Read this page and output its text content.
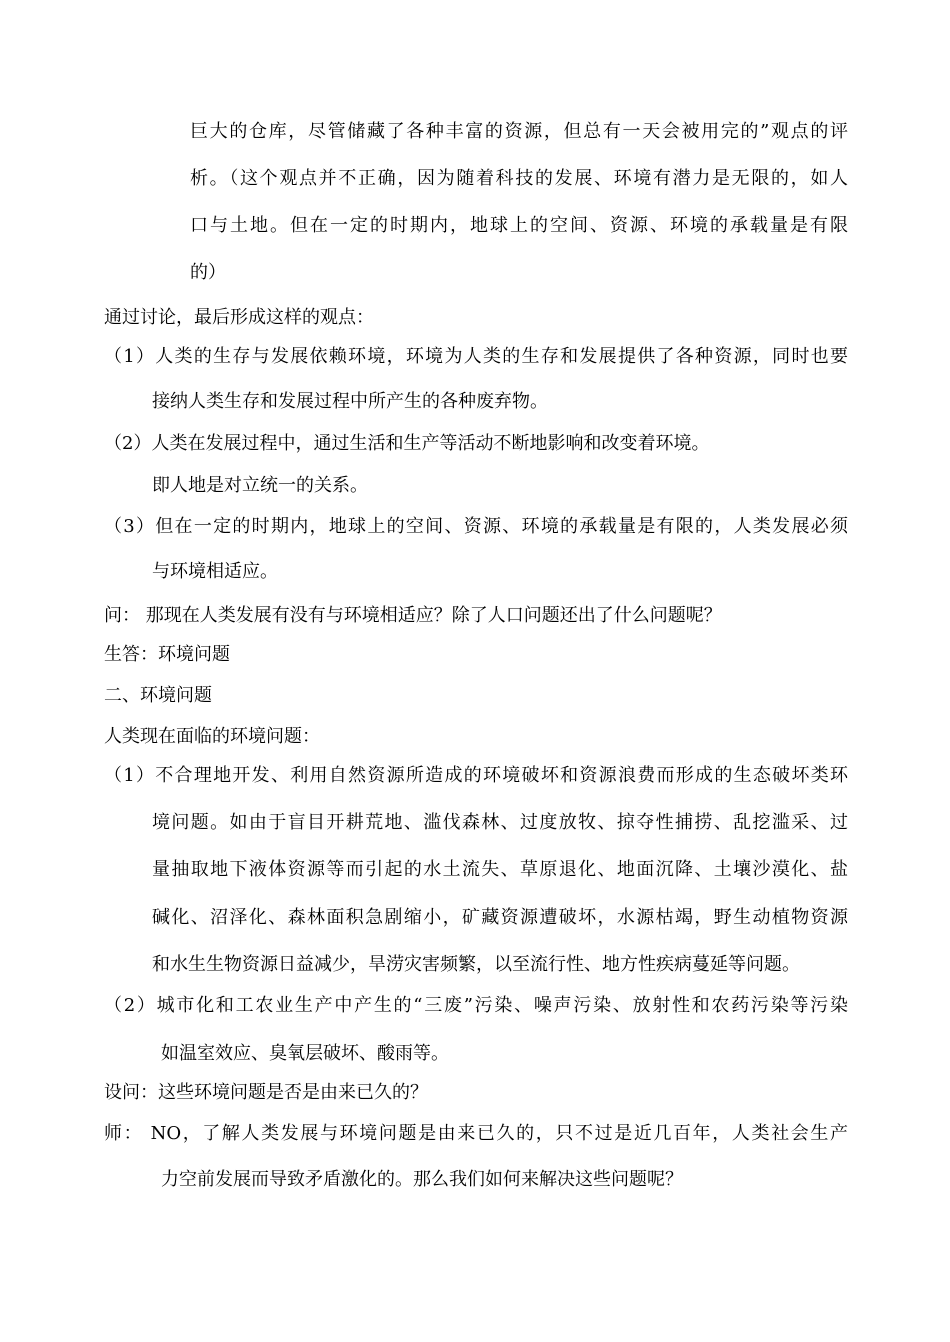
巨大的仓库，尽管储藏了各种丰富的资源，但总有一天会被用完的”观点的评
析。（这个观点并不正确，因为随着科技的发展、环境有潜力是无限的，如人
口与土地。但在一定的时期内，地球上的空间、资源、环境的承载量是有限
的）
通过讨论，最后形成这样的观点：
（1）人类的生存与发展依赖环境，环境为人类的生存和发展提供了各种资源，同时也要
接纳人类生存和发展过程中所产生的各种废弃物。
（2）人类在发展过程中，通过生活和生产等活动不断地影响和改变着环境。
即人地是对立统一的关系。
（3）但在一定的时期内，地球上的空间、资源、环境的承载量是有限的，人类发展必须
与环境相适应。
问： 那现在人类发展有没有与环境相适应？除了人口问题还出了什么问题呢？
生答：环境问题
二、环境问题
人类现在面临的环境问题：
（1）不合理地开发、利用自然资源所造成的环境破坏和资源浪费而形成的生态破坏类环
境问题。如由于盲目开耕荒地、滥伐森林、过度放牧、掠夺性捕捞、乱挖滥采、过
量抽取地下液体资源等而引起的水土流失、草原退化、地面沉降、土壤沙漠化、盐
碱化、沼泽化、森林面积急剧缩小，矿藏资源遭破坏，水源枯竭，野生动植物资源
和水生生物资源日益减少，旱涝灾害频繁，以至流行性、地方性疾病蔓延等问题。
（2）城市化和工农业生产中产生的“三废”污染、噪声污染、放射性和农药污染等污染
如温室效应、臭氧层破坏、酸雨等。
设问：这些环境问题是否是由来已久的？
师： NO，了解人类发展与环境问题是由来已久的，只不过是近几百年，人类社会生产
力空前发展而导致矛盾激化的。那么我们如何来解决这些问题呢？
